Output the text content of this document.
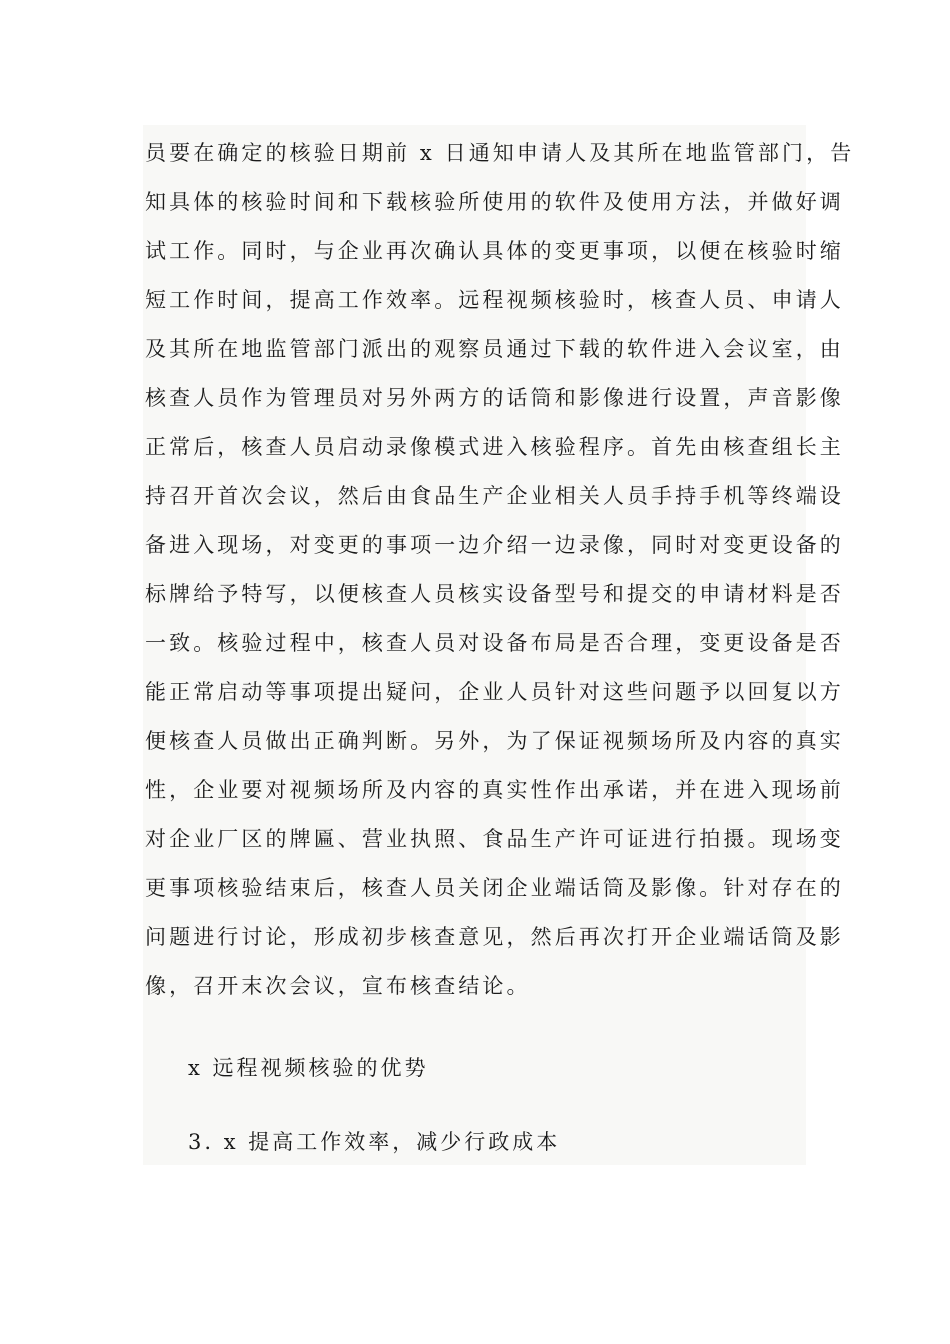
员要在确定的核验日期前 x 日通知申请人及其所在地监管部门，告
知具体的核验时间和下载核验所使用的软件及使用方法，并做好调
试工作。同时，与企业再次确认具体的变更事项，以便在核验时缩
短工作时间，提高工作效率。远程视频核验时，核查人员、申请人
及其所在地监管部门派出的观察员通过下载的软件进入会议室，由
核查人员作为管理员对另外两方的话筒和影像进行设置，声音影像
正常后，核查人员启动录像模式进入核验程序。首先由核查组长主
持召开首次会议，然后由食品生产企业相关人员手持手机等终端设
备进入现场，对变更的事项一边介绍一边录像，同时对变更设备的
标牌给予特写，以便核查人员核实设备型号和提交的申请材料是否
一致。核验过程中，核查人员对设备布局是否合理，变更设备是否
能正常启动等事项提出疑问，企业人员针对这些问题予以回复以方
便核查人员做出正确判断。另外，为了保证视频场所及内容的真实
性，企业要对视频场所及内容的真实性作出承诺，并在进入现场前
对企业厂区的牌匾、营业执照、食品生产许可证进行拍摄。现场变
更事项核验结束后，核查人员关闭企业端话筒及影像。针对存在的
问题进行讨论，形成初步核查意见，然后再次打开企业端话筒及影
像，召开末次会议，宣布核查结论。
x 远程视频核验的优势
3. x 提高工作效率，减少行政成本
